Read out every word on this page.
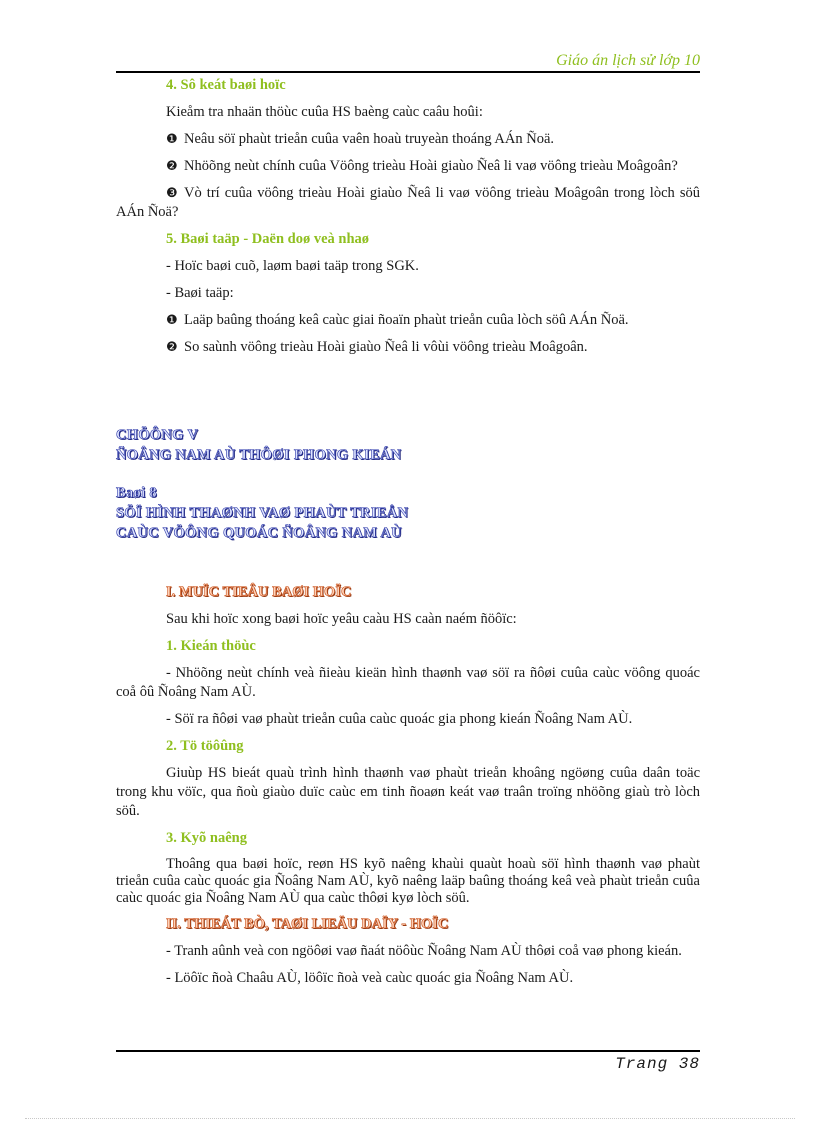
Giáo án lịch sử lớp 10

4. Sô keát baøi hoïc

Kieåm tra nhaän thöùc cuûa HS baèng caùc caâu hoûi:

❶ Neâu söï phaùt trieån cuûa vaên hoaù truyeàn thoáng AÁn Ñoä.

❷ Nhöõng neùt chính cuûa Vöông trieàu Hoài giaùo Ñeâ li vaø vöông trieàu Moâgoân?

❸ Vò trí cuûa vöông trieàu Hoài giaùo Ñeâ li vaø vöông trieàu Moâgoân trong lòch söû AÁn Ñoä?

5. Baøi taäp - Daën doø veà nhaø

- Hoïc baøi cuõ, laøm baøi taäp trong SGK.

- Baøi taäp:

❶ Laäp baûng thoáng keâ caùc giai ñoaïn phaùt trieån cuûa lòch söû AÁn Ñoä.

❷ So saùnh vöông trieàu Hoài giaùo Ñeâ li vôùi vöông trieàu Moâgoân.

CHÖÔNG V

ÑOÂNG NAM AÙ THÔØI PHONG KIEÁN

Baøi 8

SÖÏ HÌNH THAØNH VAØ PHAÙT TRIEÅN

CAÙC VÖÔNG QUOÁC ÑOÂNG NAM AÙ

I. MUÏC TIEÂU BAØI HOÏC

Sau khi hoïc xong baøi hoïc yeâu caàu HS caàn naém ñöôïc:

1. Kieán thöùc

- Nhöõng neùt chính veà ñieàu kieän hình thaønh vaø söï ra ñôøi cuûa caùc vöông quoác coå ôû Ñoâng Nam AÙ.

- Söï ra ñôøi vaø phaùt trieån cuûa caùc quoác gia phong kieán Ñoâng Nam AÙ.

2. Tö töôûng

Giuùp HS bieát quaù trình hình thaønh vaø phaùt trieån khoâng ngöøng cuûa daân toäc trong khu vöïc, qua ñoù giaùo duïc caùc em tinh ñoaøn keát vaø traân troïng nhöõng giaù trò lòch söû.

3. Kyõ naêng

Thoâng qua baøi hoïc, reøn HS kyõ naêng khaùi quaùt hoaù söï hình thaønh vaø phaùt trieån cuûa caùc quoác gia Ñoâng Nam AÙ, kyõ naêng laäp baûng thoáng keâ veà phaùt trieån cuûa caùc quoác gia Ñoâng Nam AÙ qua caùc thôøi kyø lòch söû.

II. THIEÁT BÒ, TAØI LIEÄU DAÏY - HOÏC

- Tranh aûnh veà con ngöôøi vaø ñaát nöôùc Ñoâng Nam AÙ thôøi coå vaø phong kieán.

- Löôïc ñoà Chaâu AÙ, löôïc ñoà veà caùc quoác gia Ñoâng Nam AÙ.

Trang 38
